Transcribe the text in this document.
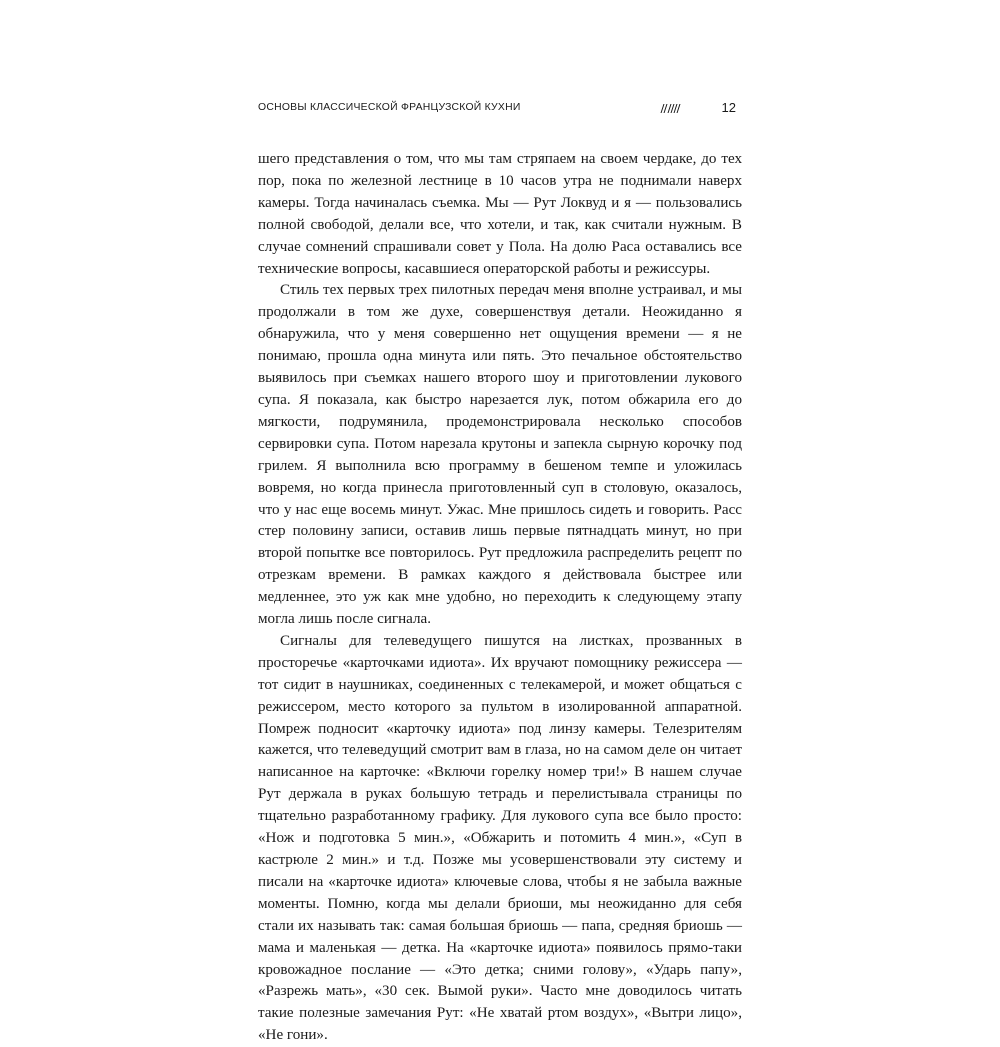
ОСНОВЫ КЛАССИЧЕСКОЙ ФРАНЦУЗСКОЙ КУХНИ	12

шего представления о том, что мы там стряпаем на своем чердаке, до тех пор, пока по железной лестнице в 10 часов утра не поднимали наверх камеры. Тогда начиналась съемка. Мы — Рут Локвуд и я — пользовались полной свободой, делали все, что хотели, и так, как считали нужным. В случае сомнений спрашивали совет у Пола. На долю Раса оставались все технические вопросы, касавшиеся операторской работы и режиссуры.

Стиль тех первых трех пилотных передач меня вполне устраивал, и мы продолжали в том же духе, совершенствуя детали. Неожиданно я обнаружила, что у меня совершенно нет ощущения времени — я не понимаю, прошла одна минута или пять. Это печальное обстоятельство выявилось при съемках нашего второго шоу и приготовлении лукового супа. Я показала, как быстро нарезается лук, потом обжарила его до мягкости, подрумянила, продемонстрировала несколько способов сервировки супа. Потом нарезала крутоны и запекла сырную корочку под грилем. Я выполнила всю программу в бешеном темпе и уложилась вовремя, но когда принесла приготовленный суп в столовую, оказалось, что у нас еще восемь минут. Ужас. Мне пришлось сидеть и говорить. Расс стер половину записи, оставив лишь первые пятнадцать минут, но при второй попытке все повторилось. Рут предложила распределить рецепт по отрезкам времени. В рамках каждого я действовала быстрее или медленнее, это уж как мне удобно, но переходить к следующему этапу могла лишь после сигнала.

Сигналы для телеведущего пишутся на листках, прозванных в просторечье «карточками идиота». Их вручают помощнику режиссера — тот сидит в наушниках, соединенных с телекамерой, и может общаться с режиссером, место которого за пультом в изолированной аппаратной. Помреж подносит «карточку идиота» под линзу камеры. Телезрителям кажется, что телеведущий смотрит вам в глаза, но на самом деле он читает написанное на карточке: «Включи горелку номер три!» В нашем случае Рут держала в руках большую тетрадь и перелистывала страницы по тщательно разработанному графику. Для лукового супа все было просто: «Нож и подготовка 5 мин.», «Обжарить и потомить 4 мин.», «Суп в кастрюле 2 мин.» и т.д. Позже мы усовершенствовали эту систему и писали на «карточке идиота» ключевые слова, чтобы я не забыла важные моменты. Помню, когда мы делали бриоши, мы неожиданно для себя стали их называть так: самая большая бриошь — папа, средняя бриошь — мама и маленькая — детка. На «карточке идиота» появилось прямо-таки кровожадное послание — «Это детка; сними голову», «Ударь папу», «Разрежь мать», «30 сек. Вымой руки». Часто мне доводилось читать такие полезные замечания Рут: «Не хватай ртом воздух», «Вытри лицо», «Не гони».
